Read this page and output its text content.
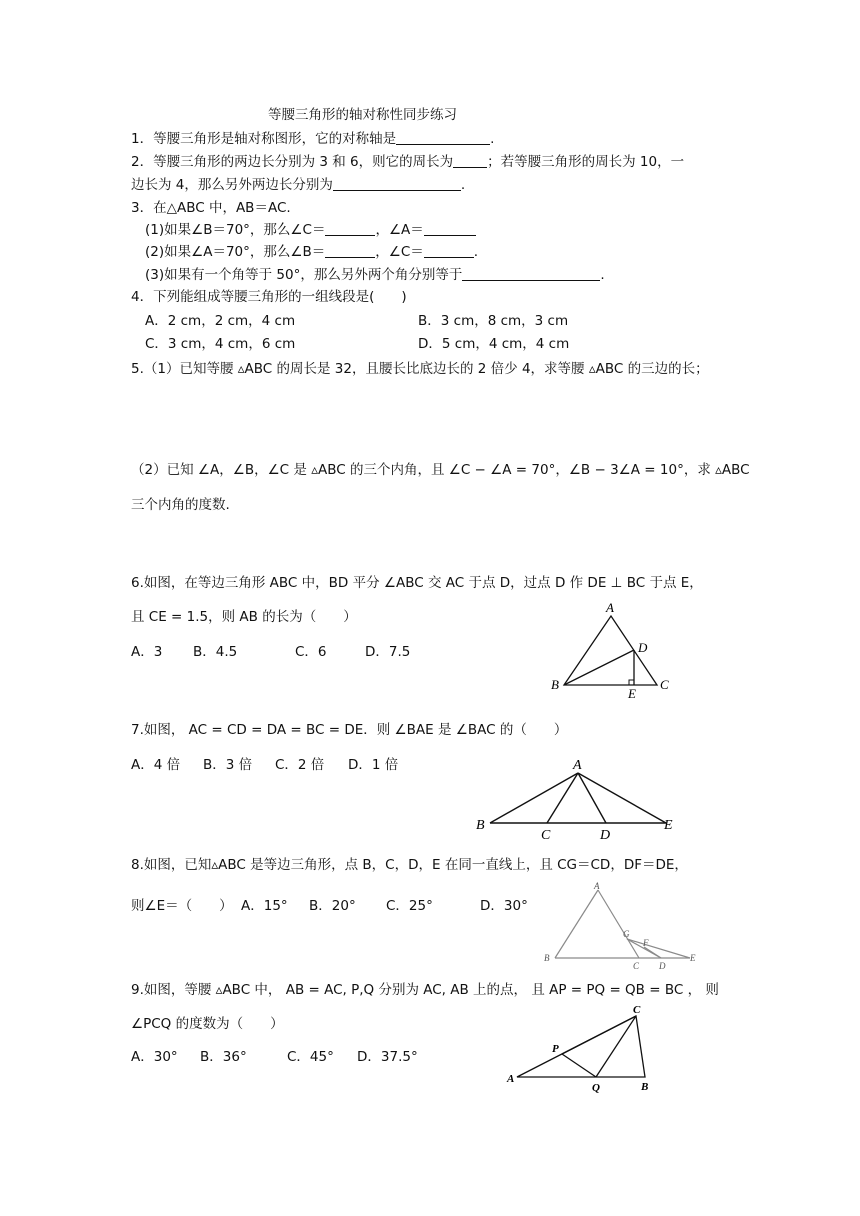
等腰三角形的轴对称性同步练习
1．等腰三角形是轴对称图形，它的对称轴是	.
2．等腰三角形的两边长分别为 3 和 6，则它的周长为	；若等腰三角形的周长为 10，一
边长为 4，那么另外两边长分别为	.
3．在△ABC 中，AB＝AC.
(1)如果∠B＝70°，那么∠C＝	，∠A＝
(2)如果∠A＝70°，那么∠B＝	，∠C＝	.
(3)如果有一个角等于 50°，那么另外两个角分别等于	.
4．下列能组成等腰三角形的一组线段是(　　)
A．2 cm，2 cm，4 cm	B．3 cm，8 cm，3 cm
C．3 cm，4 cm，6 cm	D．5 cm，4 cm，4 cm
5.（1）已知等腰 ▵ABC 的周长是 32，且腰长比底边长的 2 倍少 4，求等腰 ▵ABC 的三边的长；
（2）已知 ∠A，∠B，∠C 是 ▵ABC 的三个内角，且 ∠C − ∠A = 70°，∠B − 3∠A = 10°，求 ▵ABC
三个内角的度数.
6.如图，在等边三角形 ABC 中，BD 平分 ∠ABC 交 AC 于点 D，过点 D 作 DE ⊥ BC 于点 E，
且 CE = 1.5，则 AB 的长为（　　）
A．3 B．4.5	C．6	D．7.5
A
B	C
D
E
7.如图， AC = CD = DA = BC = DE．则 ∠BAE 是 ∠BAC 的（　　）
A．4 倍 B．3 倍 C．2 倍 D．1 倍	A
B
C	D
E
8.如图，已知▵ABC 是等边三角形，点 B，C，D，E 在同一直线上，且 CG＝CD，DF＝DE，
则∠E＝（　　） A．15° B．20° C．25°	D．30°
A
B
C D
E
F
G
9.如图，等腰 ▵ABC 中， AB = AC, P,Q 分别为 AC, AB 上的点， 且 AP = PQ = QB = BC ， 则
∠PCQ 的度数为（　　）
A．30° B．36°	C．45° D．37.5°
C
P
A
Q	B
